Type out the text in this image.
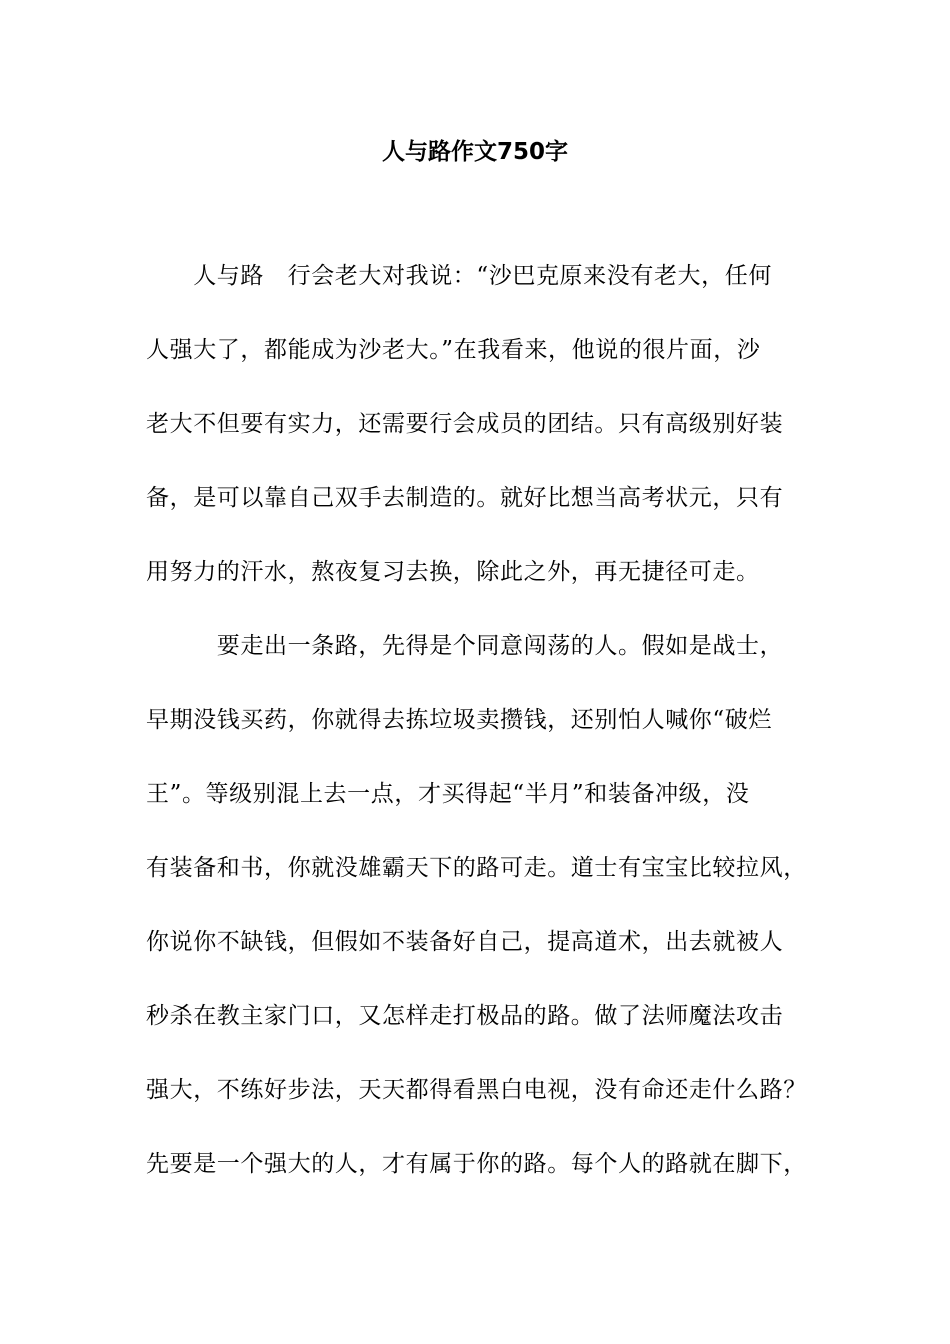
人与路作文750字
　　人与路　行会老大对我说：“沙巴克原来没有老大，任何
人强大了，都能成为沙老大。”在我看来，他说的很片面，沙
老大不但要有实力，还需要行会成员的团结。只有高级别好装
备，是可以靠自己双手去制造的。就好比想当高考状元，只有
用努力的汗水，熬夜复习去换，除此之外，再无捷径可走。
　　　要走出一条路，先得是个同意闯荡的人。假如是战士，
早期没钱买药，你就得去拣垃圾卖攒钱，还别怕人喊你“破烂
王”。等级别混上去一点，才买得起“半月”和装备冲级，没
有装备和书，你就没雄霸天下的路可走。道士有宝宝比较拉风，
你说你不缺钱，但假如不装备好自己，提高道术，出去就被人
秒杀在教主家门口，又怎样走打极品的路。做了法师魔法攻击
强大，不练好步法，天天都得看黑白电视，没有命还走什么路？
先要是一个强大的人，才有属于你的路。每个人的路就在脚下，
